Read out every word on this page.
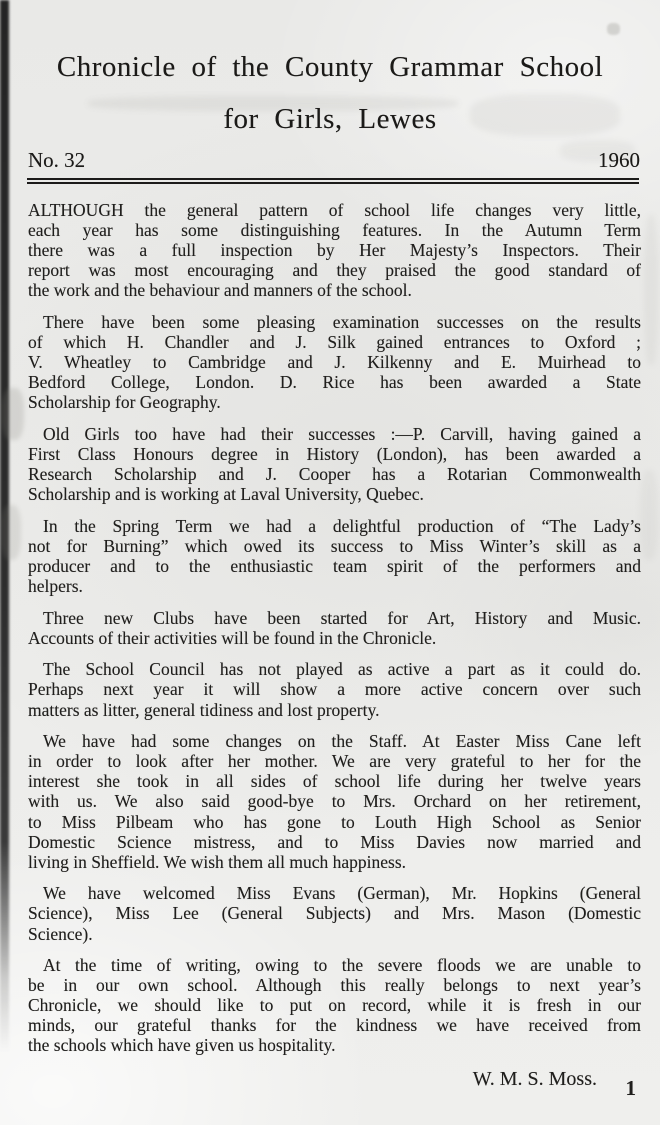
Chronicle of the County Grammar School
for Girls, Lewes
No. 32	1960

ALTHOUGH the general pattern of school life changes very little,
each year has some distinguishing features. In the Autumn Term
there was a full inspection by Her Majesty’s Inspectors. Their
report was most encouraging and they praised the good standard of
the work and the behaviour and manners of the school.

There have been some pleasing examination successes on the results
of which H. Chandler and J. Silk gained entrances to Oxford ;
V. Wheatley to Cambridge and J. Kilkenny and E. Muirhead to
Bedford College, London. D. Rice has been awarded a State
Scholarship for Geography.

Old Girls too have had their successes :—P. Carvill, having gained a
First Class Honours degree in History (London), has been awarded a
Research Scholarship and J. Cooper has a Rotarian Commonwealth
Scholarship and is working at Laval University, Quebec.

In the Spring Term we had a delightful production of “The Lady’s
not for Burning” which owed its success to Miss Winter’s skill as a
producer and to the enthusiastic team spirit of the performers and
helpers.

Three new Clubs have been started for Art, History and Music.
Accounts of their activities will be found in the Chronicle.

The School Council has not played as active a part as it could do.
Perhaps next year it will show a more active concern over such
matters as litter, general tidiness and lost property.

We have had some changes on the Staff. At Easter Miss Cane left
in order to look after her mother. We are very grateful to her for the
interest she took in all sides of school life during her twelve years
with us. We also said good-bye to Mrs. Orchard on her retirement,
to Miss Pilbeam who has gone to Louth High School as Senior
Domestic Science mistress, and to Miss Davies now married and
living in Sheffield. We wish them all much happiness.

We have welcomed Miss Evans (German), Mr. Hopkins (General
Science), Miss Lee (General Subjects) and Mrs. Mason (Domestic
Science).

At the time of writing, owing to the severe floods we are unable to
be in our own school. Although this really belongs to next year’s
Chronicle, we should like to put on record, while it is fresh in our
minds, our grateful thanks for the kindness we have received from
the schools which have given us hospitality.

W. M. S. Moss.	1
